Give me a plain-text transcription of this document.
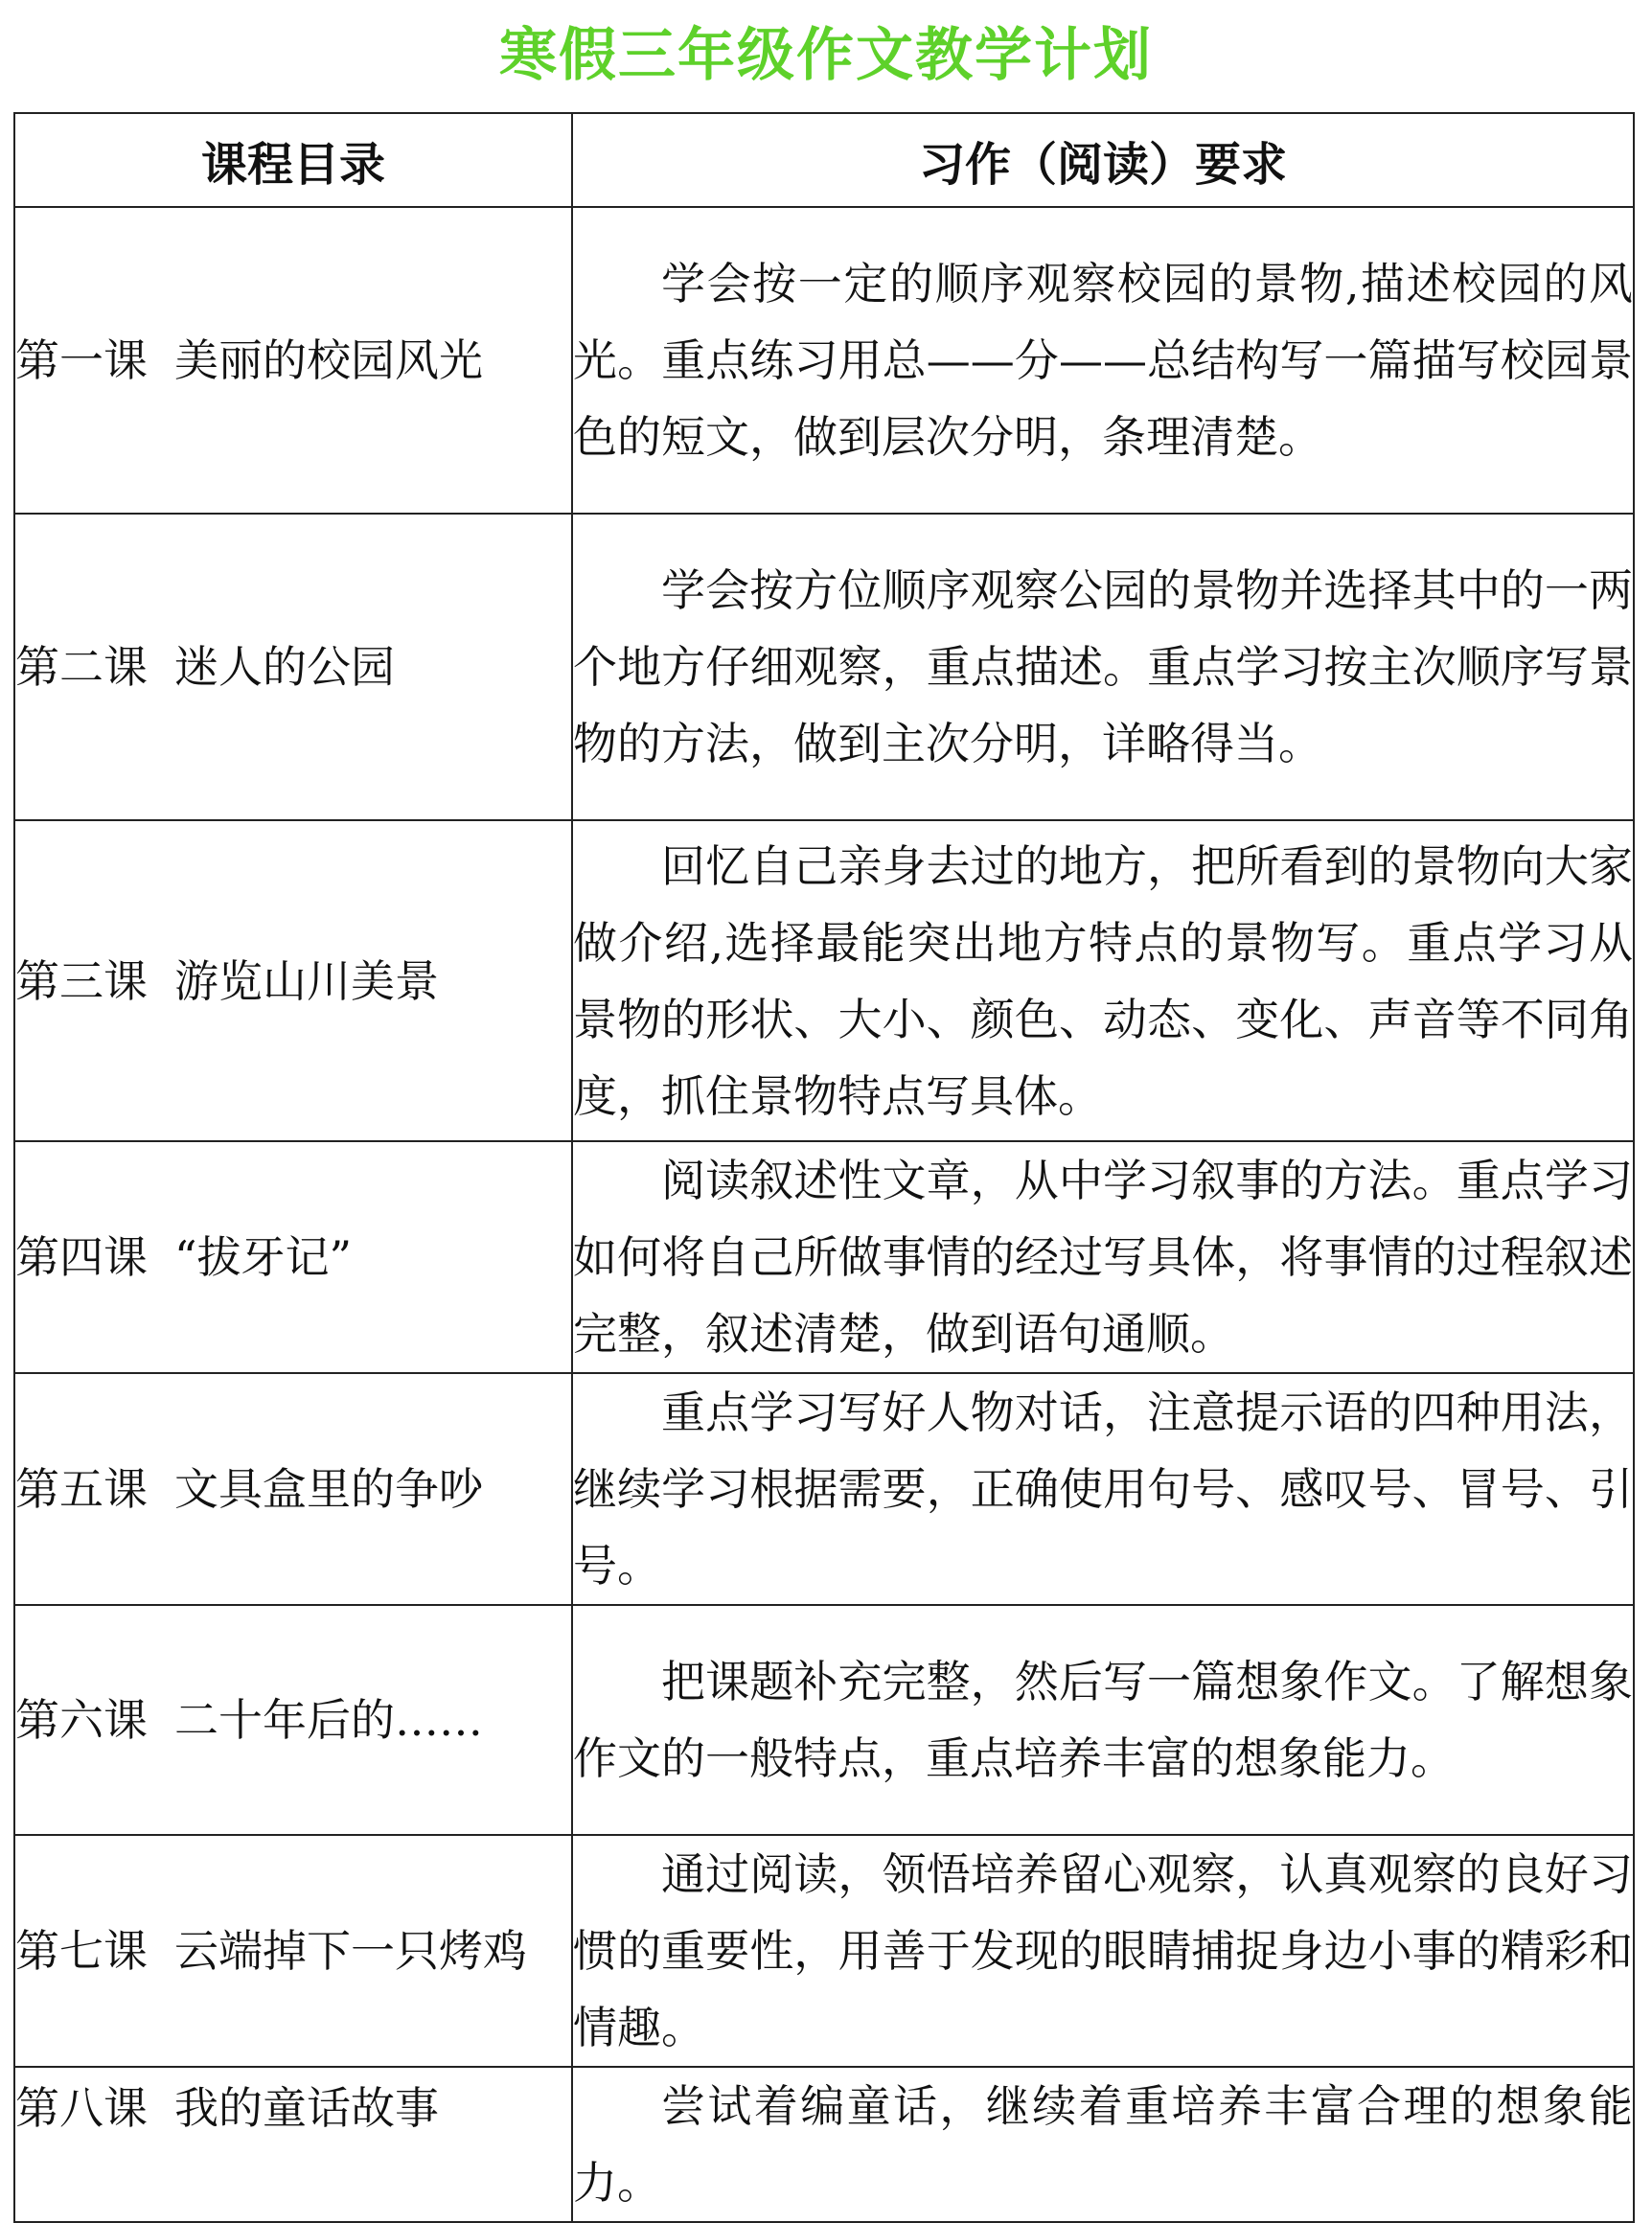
寒假三年级作文教学计划
课程目录	习作（阅读）要求
第一课 美丽的校园风光	学会按一定的顺序观察校园的景物,描述校园的风光。重点练习用总——分——总结构写一篇描写校园景色的短文，做到层次分明，条理清楚。
第二课 迷人的公园	学会按方位顺序观察公园的景物并选择其中的一两个地方仔细观察，重点描述。重点学习按主次顺序写景物的方法，做到主次分明，详略得当。
第三课 游览山川美景	回忆自己亲身去过的地方，把所看到的景物向大家做介绍,选择最能突出地方特点的景物写。重点学习从景物的形状、大小、颜色、动态、变化、声音等不同角度，抓住景物特点写具体。
第四课 “拔牙记”	阅读叙述性文章，从中学习叙事的方法。重点学习如何将自己所做事情的经过写具体，将事情的过程叙述完整，叙述清楚，做到语句通顺。
第五课 文具盒里的争吵	重点学习写好人物对话，注意提示语的四种用法，继续学习根据需要，正确使用句号、感叹号、冒号、引号。
第六课 二十年后的……	把课题补充完整，然后写一篇想象作文。了解想象作文的一般特点，重点培养丰富的想象能力。
第七课 云端掉下一只烤鸡	通过阅读，领悟培养留心观察，认真观察的良好习惯的重要性，用善于发现的眼睛捕捉身边小事的精彩和情趣。
第八课 我的童话故事	尝试着编童话，继续着重培养丰富合理的想象能力。
